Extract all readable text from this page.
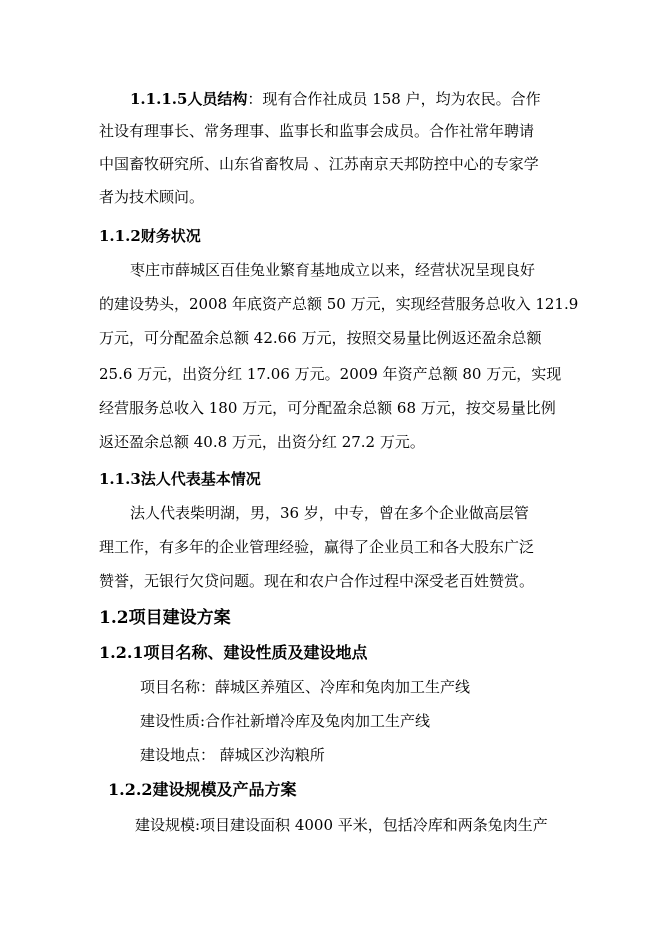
1.1.1.5人员结构：现有合作社成员 158 户，均为农民。合作
社设有理事长、常务理事、监事长和监事会成员。合作社常年聘请
中国畜牧研究所、山东省畜牧局 、江苏南京天邦防控中心的专家学
者为技术顾问。
1.1.2财务状况
枣庄市薛城区百佳兔业繁育基地成立以来，经营状况呈现良好
的建设势头，2008 年底资产总额 50 万元，实现经营服务总收入 121.9
万元，可分配盈余总额 42.66 万元，按照交易量比例返还盈余总额
25.6 万元，出资分红 17.06 万元。2009 年资产总额 80 万元，实现
经营服务总收入 180 万元，可分配盈余总额 68 万元，按交易量比例
返还盈余总额 40.8 万元，出资分红 27.2 万元。
1.1.3法人代表基本情况
法人代表柴明湖，男，36 岁，中专，曾在多个企业做高层管
理工作，有多年的企业管理经验，赢得了企业员工和各大股东广泛
赞誉，无银行欠贷问题。现在和农户合作过程中深受老百姓赞赏。
1.2项目建设方案
1.2.1项目名称、建设性质及建设地点
项目名称：薛城区养殖区、冷库和兔肉加工生产线
建设性质:合作社新增冷库及兔肉加工生产线
建设地点： 薛城区沙沟粮所
1.2.2建设规模及产品方案
建设规模:项目建设面积 4000 平米，包括冷库和两条兔肉生产
